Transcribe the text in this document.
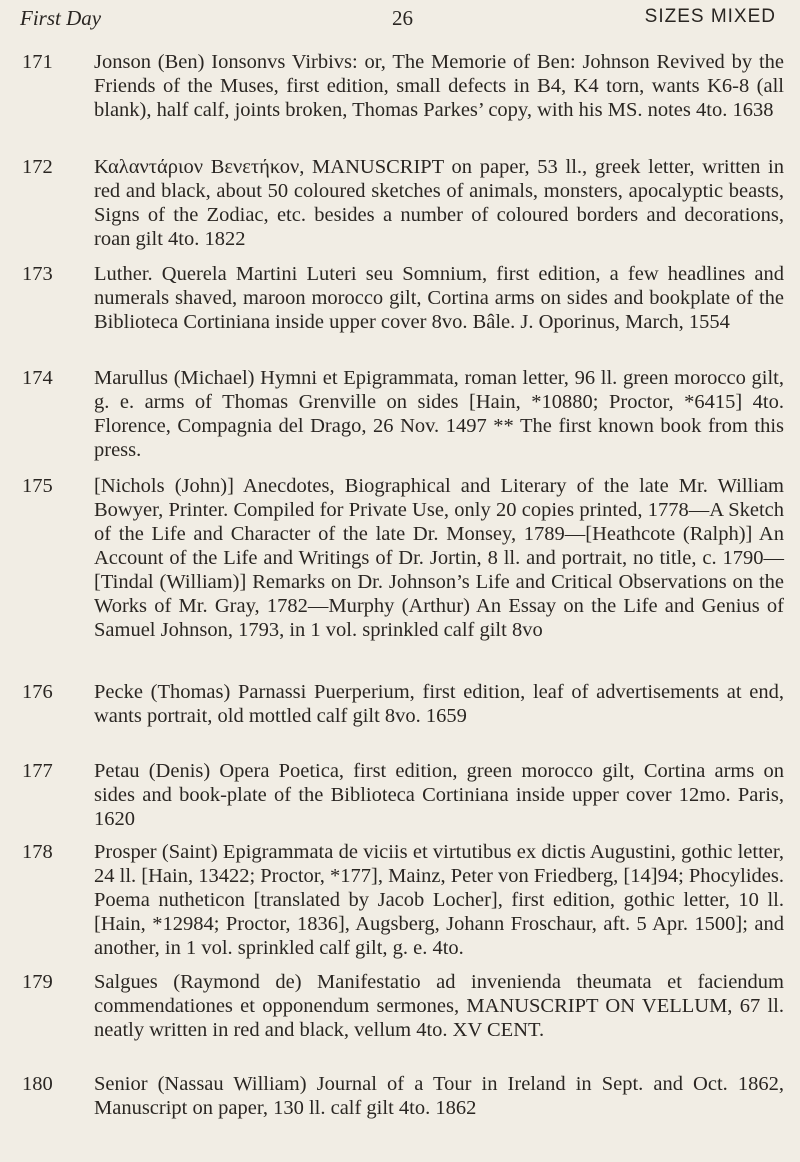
First Day	26	SIZES MIXED
171 Jonson (Ben) Ionsonvs Virbivs: or, The Memorie of Ben: Johnson Revived by the Friends of the Muses, first edition, small defects in B4, K4 torn, wants K6-8 (all blank), half calf, joints broken, Thomas Parkes’ copy, with his MS. notes 4to. 1638
172 Καλαντάριον Βενετήκον, MANUSCRIPT on paper, 53 ll., greek letter, written in red and black, about 50 coloured sketches of animals, monsters, apocalyptic beasts, Signs of the Zodiac, etc. besides a number of coloured borders and decorations, roan gilt 4to. 1822
173 Luther. Querela Martini Luteri seu Somnium, first edition, a few headlines and numerals shaved, maroon morocco gilt, Cortina arms on sides and bookplate of the Biblioteca Cortiniana inside upper cover 8vo. Bâle. J. Oporinus, March, 1554
174 Marullus (Michael) Hymni et Epigrammata, roman letter, 96 ll. green morocco gilt, g. e. arms of Thomas Grenville on sides [Hain, *10880; Proctor, *6415] 4to. Florence, Compagnia del Drago, 26 Nov. 1497 ** The first known book from this press.
175 [Nichols (John)] Anecdotes, Biographical and Literary of the late Mr. William Bowyer, Printer. Compiled for Private Use, only 20 copies printed, 1778—A Sketch of the Life and Character of the late Dr. Monsey, 1789—[Heathcote (Ralph)] An Account of the Life and Writings of Dr. Jortin, 8 ll. and portrait, no title, c. 1790—[Tindal (William)] Remarks on Dr. Johnson’s Life and Critical Observations on the Works of Mr. Gray, 1782—Murphy (Arthur) An Essay on the Life and Genius of Samuel Johnson, 1793, in 1 vol. sprinkled calf gilt 8vo
176 Pecke (Thomas) Parnassi Puerperium, first edition, leaf of advertisements at end, wants portrait, old mottled calf gilt 8vo. 1659
177 Petau (Denis) Opera Poetica, first edition, green morocco gilt, Cortina arms on sides and book-plate of the Biblioteca Cortiniana inside upper cover 12mo. Paris, 1620
178 Prosper (Saint) Epigrammata de viciis et virtutibus ex dictis Augustini, gothic letter, 24 ll. [Hain, 13422; Proctor, *177], Mainz, Peter von Friedberg, [14]94; Phocylides. Poema nutheticon [translated by Jacob Locher], first edition, gothic letter, 10 ll. [Hain, *12984; Proctor, 1836], Augsberg, Johann Froschaur, aft. 5 Apr. 1500]; and another, in 1 vol. sprinkled calf gilt, g. e. 4to.
179 Salgues (Raymond de) Manifestatio ad invenienda theumata et faciendum commendationes et opponendum sermones, MANUSCRIPT ON VELLUM, 67 ll. neatly written in red and black, vellum 4to. XV CENT.
180 Senior (Nassau William) Journal of a Tour in Ireland in Sept. and Oct. 1862, Manuscript on paper, 130 ll. calf gilt 4to. 1862
